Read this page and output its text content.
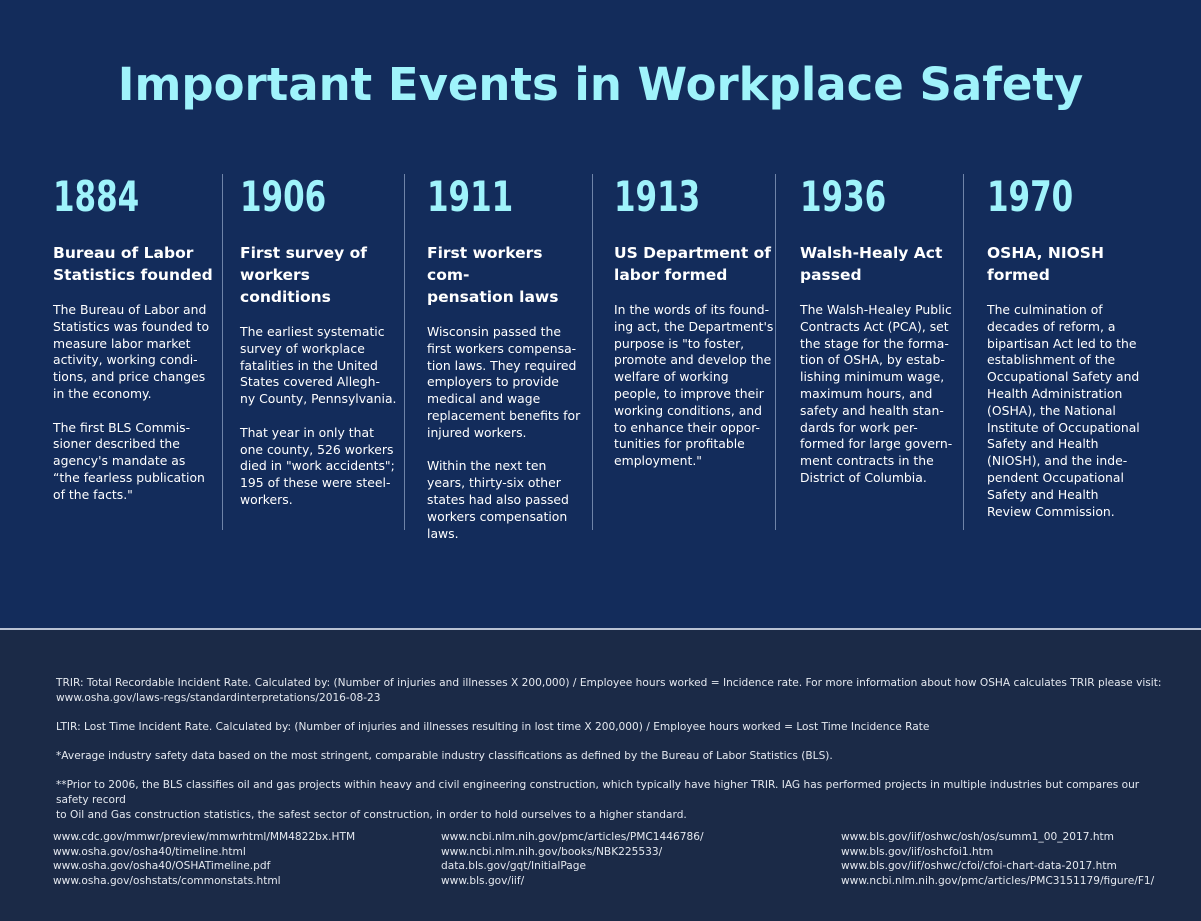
Important Events in Workplace Safety
1884
Bureau of Labor
Statistics founded
The Bureau of Labor and
Statistics was founded to
measure labor market
activity, working condi-
tions, and price changes
in the economy.

The first BLS Commis-
sioner described the
agency's mandate as
“the fearless publication
of the facts."
1906
First survey of
workers conditions
The earliest systematic
survey of workplace
fatalities in the United
States covered Allegh-
ny County, Pennsylvania.

That year in only that
one county, 526 workers
died in "work accidents";
195 of these were steel-
workers.
1911
First workers com-
pensation laws
Wisconsin passed the
first workers compensa-
tion laws. They required
employers to provide
medical and wage
replacement benefits for
injured workers.

Within the next ten
years, thirty-six other
states had also passed
workers compensation
laws.
1913
US Department of
labor formed
In the words of its found-
ing act, the Department's
purpose is "to foster,
promote and develop the
welfare of working
people, to improve their
working conditions, and
to enhance their oppor-
tunities for profitable
employment."
1936
Walsh-Healy Act
passed
The Walsh-Healey Public
Contracts Act (PCA), set
the stage for the forma-
tion of OSHA, by estab-
lishing minimum wage,
maximum hours, and
safety and health stan-
dards for work per-
formed for large govern-
ment contracts in the
District of Columbia.
1970
OSHA, NIOSH
formed
The culmination of
decades of reform, a
bipartisan Act led to the
establishment of the
Occupational Safety and
Health Administration
(OSHA), the National
Institute of Occupational
Safety and Health
(NIOSH), and the inde-
pendent Occupational
Safety and Health
Review Commission.

TRIR: Total Recordable Incident Rate. Calculated by: (Number of injuries and illnesses X 200,000) / Employee hours worked = Incidence rate. For more information about how OSHA calculates TRIR please visit:
www.osha.gov/laws-regs/standardinterpretations/2016-08-23

LTIR: Lost Time Incident Rate. Calculated by: (Number of injuries and illnesses resulting in lost time X 200,000) / Employee hours worked = Lost Time Incidence Rate

*Average industry safety data based on the most stringent, comparable industry classifications as defined by the Bureau of Labor Statistics (BLS).

**Prior to 2006, the BLS classifies oil and gas projects within heavy and civil engineering construction, which typically have higher TRIR. IAG has performed projects in multiple industries but compares our safety record
to Oil and Gas construction statistics, the safest sector of construction, in order to hold ourselves to a higher standard.

www.cdc.gov/mmwr/preview/mmwrhtml/MM4822bx.HTM
www.osha.gov/osha40/timeline.html
www.osha.gov/osha40/OSHATimeline.pdf
www.osha.gov/oshstats/commonstats.html
www.ncbi.nlm.nih.gov/pmc/articles/PMC1446786/
www.ncbi.nlm.nih.gov/books/NBK225533/
data.bls.gov/gqt/InitialPage
www.bls.gov/iif/
www.bls.gov/iif/oshwc/osh/os/summ1_00_2017.htm
www.bls.gov/iif/oshcfoi1.htm
www.bls.gov/iif/oshwc/cfoi/cfoi-chart-data-2017.htm
www.ncbi.nlm.nih.gov/pmc/articles/PMC3151179/figure/F1/
